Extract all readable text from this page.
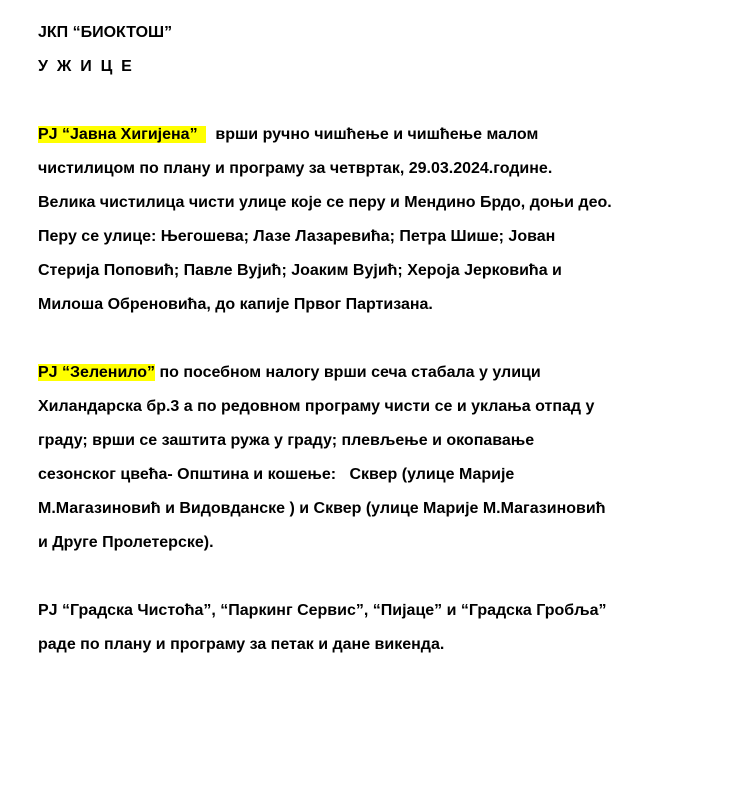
ЈКП “БИОКТОШ”
У  Ж  И  Ц  Е
РЈ “Јавна Хигијена”    врши ручно чишћење и чишћење малом
чистилицом по плану и програму за четвртак, 29.03.2024.године.
Велика чистилица чисти улице које се перу и Мендино Брдо, доњи део.
Перу се улице: Његошева; Лазе Лазаревића; Петра Шише; Јован
Стерија Поповић; Павле Вујић; Јоаким Вујић; Хероја Јерковића и
Милоша Обреновића, до капије Првог Партизана.
РЈ “Зеленило” по посебном налогу врши сеча стабала у улици
Хиландарска бр.3 а по редовном програму чисти се и уклања отпад у
граду; врши се заштита ружа у граду; плевљење и окопавање
сезонског цвећа- Општина и кошење:   Сквер (улице Марије
М.Магазиновић и Видовданске ) и Сквер (улице Марије М.Магазиновић
и Друге Пролетерске).
РЈ “Градска Чистоћа”, “Паркинг Сервис”, “Пијаце” и “Градска Гробља”
раде по плану и програму за петак и дане викенда.
